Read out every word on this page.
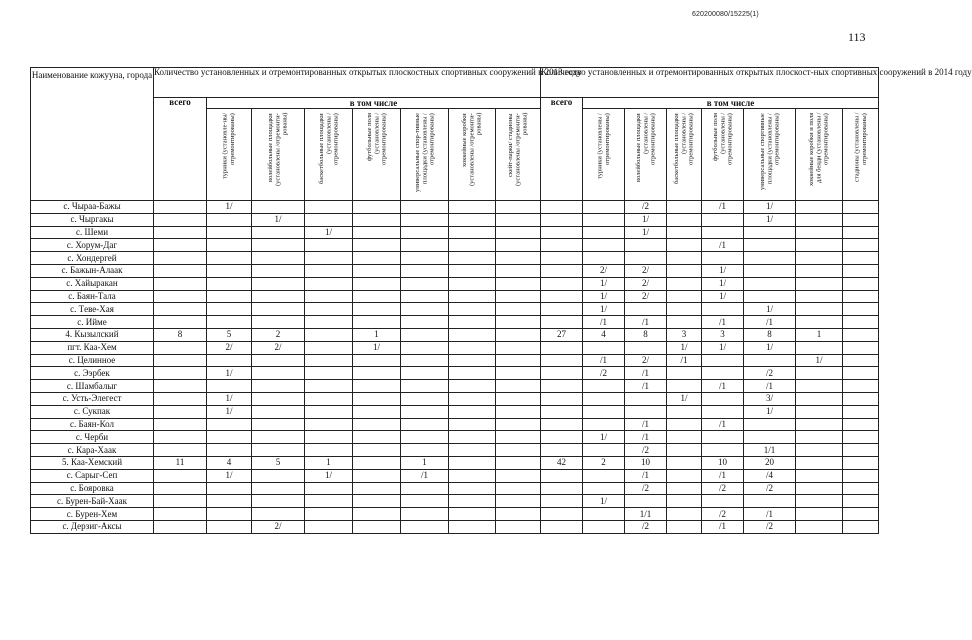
620200080/15225(1)
113
Наименование кожууна, города	Количество установленных и отремонтированных открытых плоскостных спортивных сооружений в 2013 году								Количество установленных и отремонтированных открытых плоскост-ных спортивных сооружений в 2014 году							
	всего	в том числе							всего	в том числе						

		турники (установле-ны/отремонтированы)	волейбольные площадки (установлены /отремонти-рованы)	баскетбольные площадки (установлены /отремонтированы)	футбольные поля (установлены /отремонтированы)	универсальные спор-тивные площадки (установлены /отремонтированы)	хоккейные коробки (установлены /отремонти-рованы)	скейт-парки/ стадионы (установлены /отремонти-рованы)		турники (установлены /отремонтированы)	волейбольные площадки (установлены /отремонтированы)	баскетбольные площадки (установлены /отремонтированы)	футбольные поля (установлены /отремонтированы)	универсальные спортивные площадки (установлены /отремонтированы)	хоккейные коробки и поля для бенди (установлены /отремонтированы)	стадионы (установлены /отремонтированы)

с. Чыраа-Бажы		1/									/2		/1	1/		
с. Чыргакы			1/								1/			1/		
с. Шеми				1/							1/					
с. Хорум-Даг													/1			
с. Хондергей																
с. Бажын-Алаак										2/	2/		1/			
с. Хайыракан										1/	2/		1/			
с. Баян-Тала										1/	2/		1/			
с. Тeве-Хая										1/				1/		
с. Ийме										/1	/1		/1	/1		
4. Кызылский	8	5	2		1				27	4	8	3	3	8	1	
пгт. Каа-Хем		2/	2/		1/							1/	1/	1/		
с. Целинное										/1	2/	/1			1/	
с. Ээрбек		1/								/2	/1			/2		
с. Шамбалыг											/1		/1	/1		
с. Усть-Элегест		1/										1/		3/		
с. Сукпак		1/												1/		
с. Баян-Кол											/1		/1			
с. Черби										1/	/1					
с. Кара-Хаак											/2			1/1		
5. Каа-Хемский	11	4	5	1		1			42	2	10		10	20		
с. Сарыг-Сеп		1/		1/		/1					/1		/1	/4		
с. Бояровка											/2		/2	/2		
с. Бурен-Бай-Хаак										1/						
с. Бурен-Хем											1/1		/2	/1		
с. Дерзиг-Аксы			2/								/2		/1	/2		
